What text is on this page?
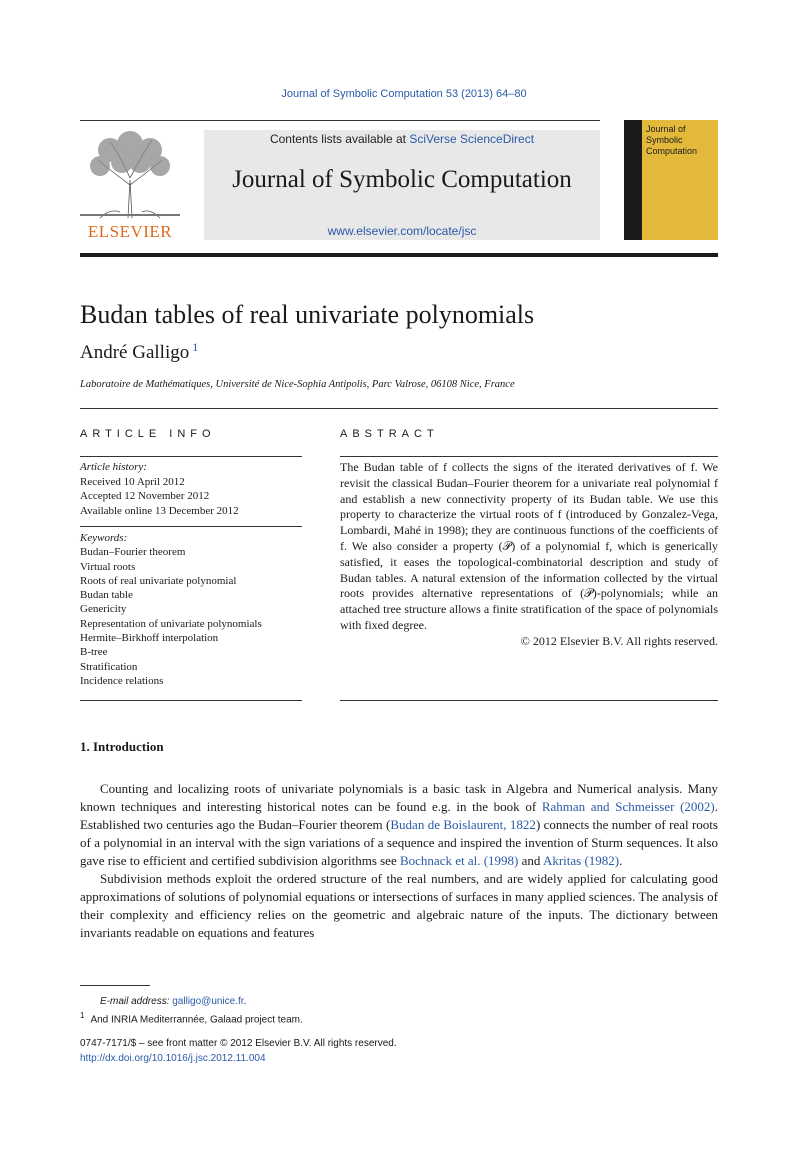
Journal of Symbolic Computation 53 (2013) 64–80
ELSEVIER
Contents lists available at SciVerse ScienceDirect
Journal of Symbolic Computation
www.elsevier.com/locate/jsc
Journal of
Symbolic
Computation
Budan tables of real univariate polynomials
André Galligo $^1$
Laboratoire de Mathématiques, Université de Nice-Sophia Antipolis, Parc Valrose, 06108 Nice, France
ARTICLE INFO
Article history:
Received 10 April 2012
Accepted 12 November 2012
Available online 13 December 2012
Keywords:
Budan–Fourier theorem
Virtual roots
Roots of real univariate polynomial
Budan table
Genericity
Representation of univariate polynomials
Hermite–Birkhoff interpolation
B-tree
Stratification
Incidence relations
ABSTRACT
The Budan table of f collects the signs of the iterated derivatives of f. We revisit the classical Budan–Fourier theorem for a univariate real polynomial f and establish a new connectivity property of its Budan table. We use this property to characterize the virtual roots of f (introduced by Gonzalez-Vega, Lombardi, Mahé in 1998); they are continuous functions of the coefficients of f. We also consider a property (𝒫) of a polynomial f, which is generically satisfied, it eases the topological-combinatorial description and study of Budan tables. A natural extension of the information collected by the virtual roots provides alternative representations of (𝒫)-polynomials; while an attached tree structure allows a finite stratification of the space of polynomials with fixed degree.
© 2012 Elsevier B.V. All rights reserved.
1. Introduction

Counting and localizing roots of univariate polynomials is a basic task in Algebra and Numerical analysis. Many known techniques and interesting historical notes can be found e.g. in the book of Rahman and Schmeisser (2002). Established two centuries ago the Budan–Fourier theorem (Budan de Boislaurent, 1822) connects the number of real roots of a polynomial in an interval with the sign variations of a sequence and inspired the invention of Sturm sequences. It also gave rise to efficient and certified subdivision algorithms see Bochnack et al. (1998) and Akritas (1982).

Subdivision methods exploit the ordered structure of the real numbers, and are widely applied for calculating good approximations of solutions of polynomial equations or intersections of surfaces in many applied sciences. The analysis of their complexity and efficiency relies on the geometric and algebraic nature of the inputs. The dictionary between invariants readable on equations and features

E-mail address: galligo@unice.fr.
$^1$ And INRIA Mediterrannée, Galaad project team.
0747-7171/$ – see front matter © 2012 Elsevier B.V. All rights reserved.
http://dx.doi.org/10.1016/j.jsc.2012.11.004
